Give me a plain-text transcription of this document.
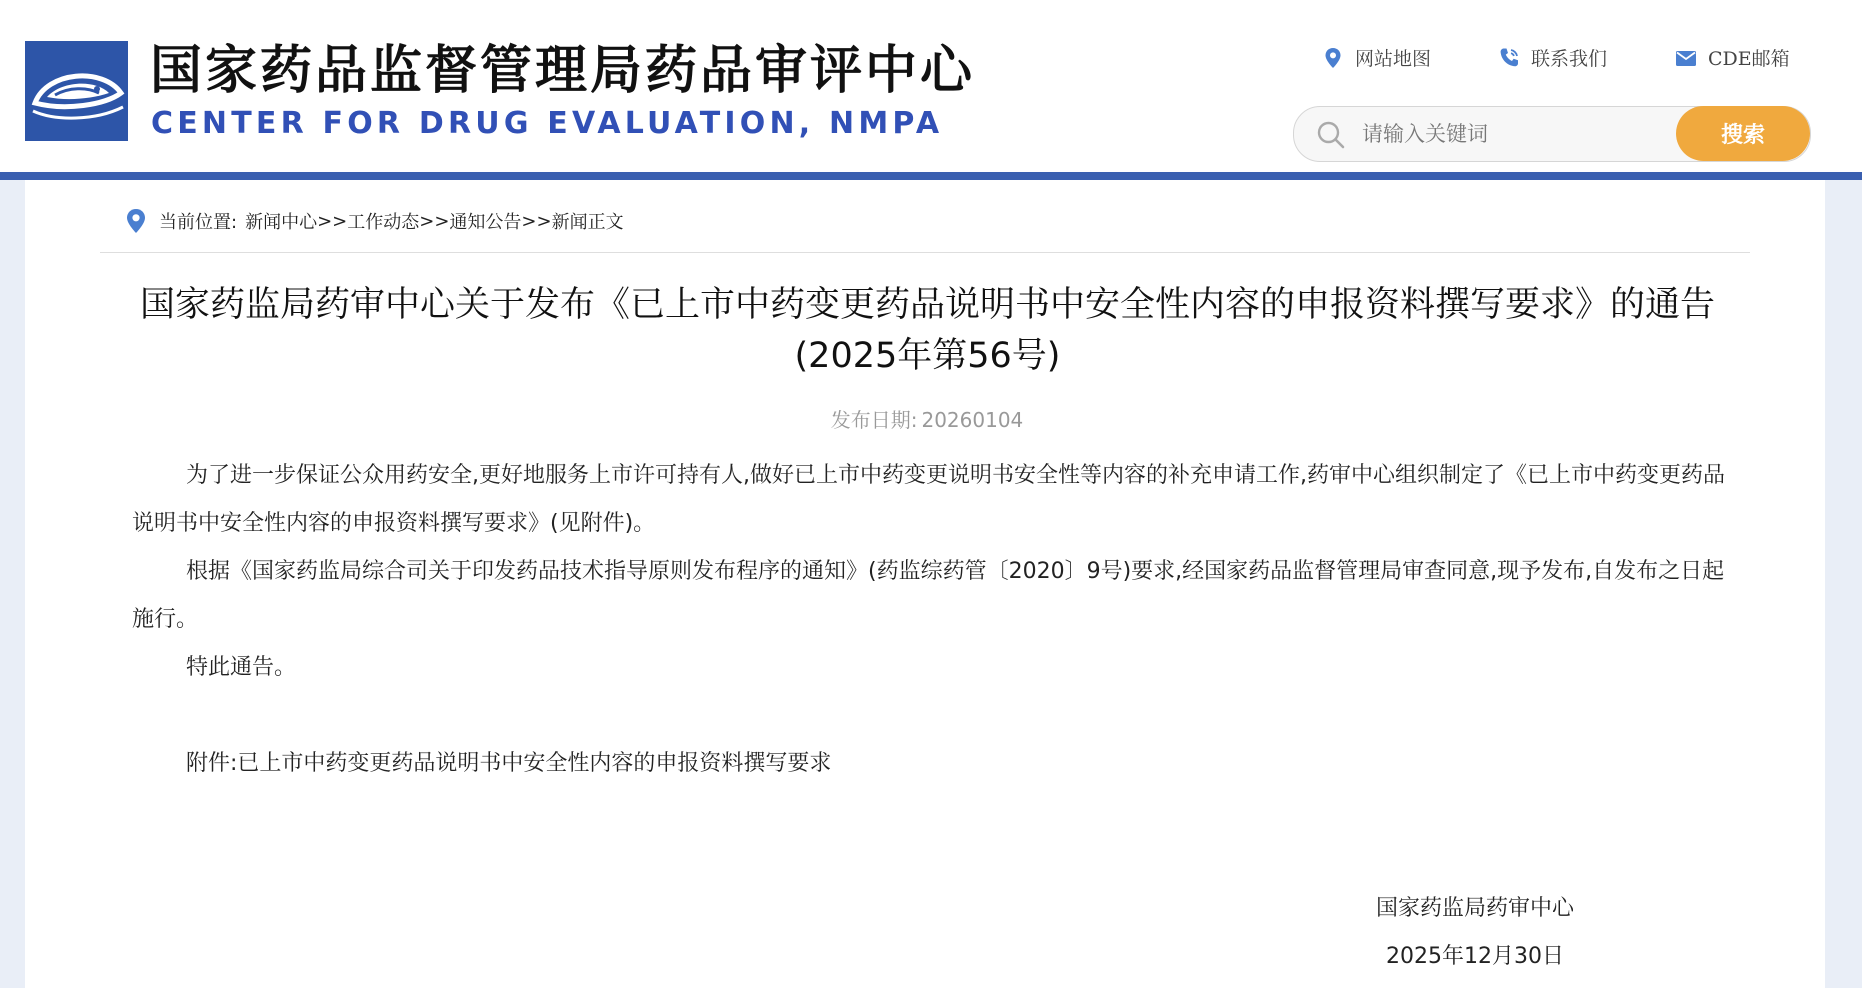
国家药品监督管理局药品审评中心
CENTER FOR DRUG EVALUATION, NMPA
网站地图	联系我们	CDE邮箱
请输入关键词
搜索
当前位置: 新闻中心 >> 工作动态 >> 通知公告 >> 新闻正文
国家药监局药审中心关于发布《已上市中药变更药品说明书中安全性内容的申报资料撰写要求》的通告(2025年第56号)
发布日期: 20260104

为了进一步保证公众用药安全,更好地服务上市许可持有人,做好已上市中药变更说明书安全性等内容的补充申请工作,药审中心组织制定了《已上市中药变更药品说明书中安全性内容的申报资料撰写要求》(见附件)。

根据《国家药监局综合司关于印发药品技术指导原则发布程序的通知》(药监综药管〔2020〕9号)要求,经国家药品监督管理局审查同意,现予发布,自发布之日起施行。

特此通告。

附件:已上市中药变更药品说明书中安全性内容的申报资料撰写要求

国家药监局药审中心
2025年12月30日
